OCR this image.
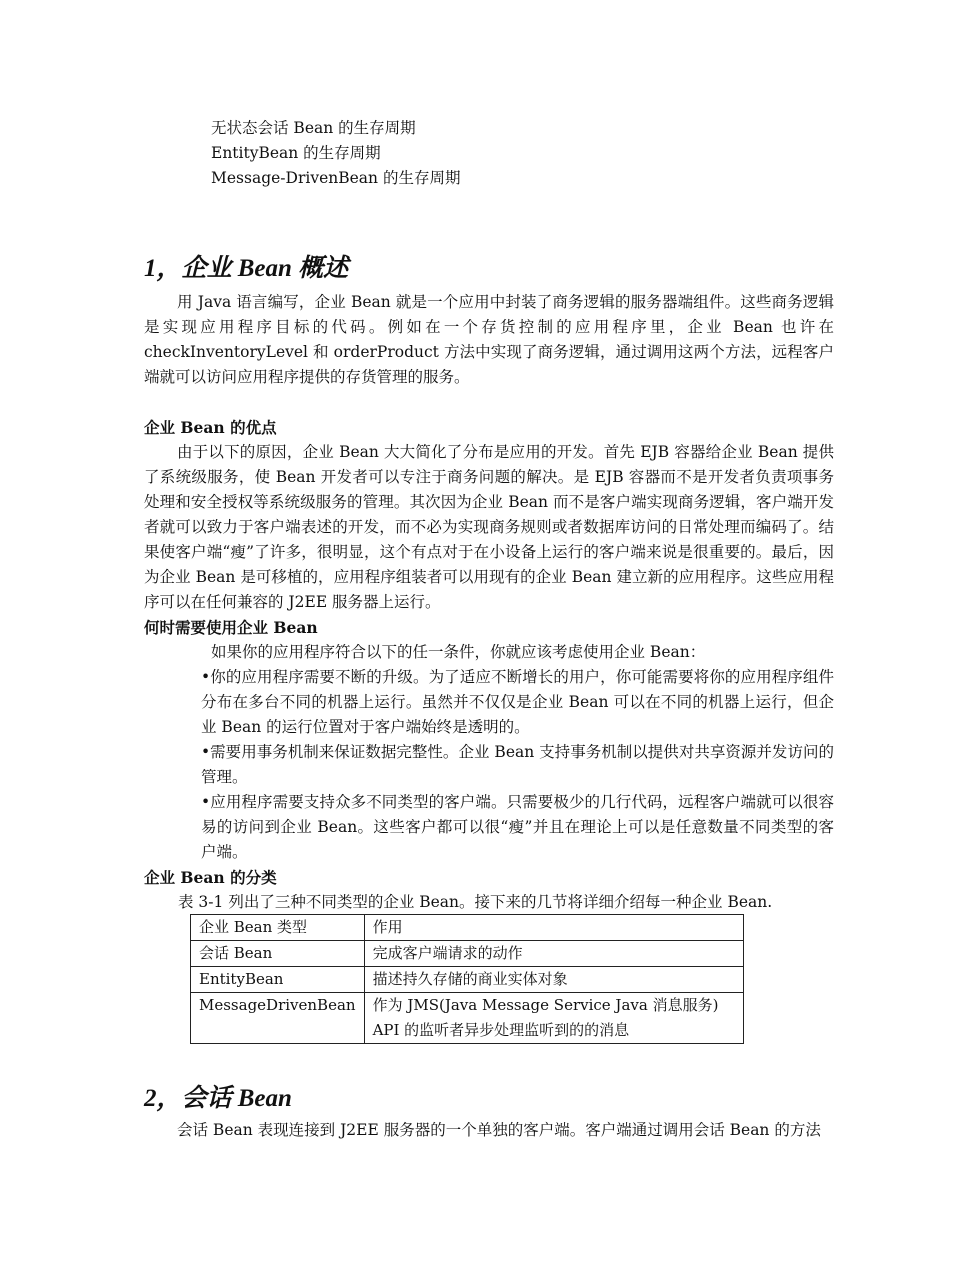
无状态会话 Bean 的生存周期
EntityBean 的生存周期
Message-DrivenBean 的生存周期
1，企业 Bean 概述
用 Java 语言编写，企业 Bean 就是一个应用中封装了商务逻辑的服务器端组件。这些商务逻辑是实现应用程序目标的代码。例如在一个存货控制的应用程序里，企业 Bean 也许在 checkInventoryLevel 和 orderProduct 方法中实现了商务逻辑，通过调用这两个方法，远程客户端就可以访问应用程序提供的存货管理的服务。
企业 Bean 的优点
由于以下的原因，企业 Bean 大大简化了分布是应用的开发。首先 EJB 容器给企业 Bean 提供了系统级服务，使 Bean 开发者可以专注于商务问题的解决。是 EJB 容器而不是开发者负责项事务处理和安全授权等系统级服务的管理。其次因为企业 Bean 而不是客户端实现商务逻辑，客户端开发者就可以致力于客户端表述的开发，而不必为实现商务规则或者数据库访问的日常处理而编码了。结果使客户端“瘦”了许多，很明显，这个有点对于在小设备上运行的客户端来说是很重要的。最后，因为企业 Bean 是可移植的，应用程序组装者可以用现有的企业 Bean 建立新的应用程序。这些应用程序可以在任何兼容的 J2EE 服务器上运行。
何时需要使用企业 Bean
如果你的应用程序符合以下的任一条件，你就应该考虑使用企业 Bean：
•你的应用程序需要不断的升级。为了适应不断增长的用户，你可能需要将你的应用程序组件分布在多台不同的机器上运行。虽然并不仅仅是企业 Bean 可以在不同的机器上运行，但企业 Bean 的运行位置对于客户端始终是透明的。
•需要用事务机制来保证数据完整性。企业 Bean 支持事务机制以提供对共享资源并发访问的管理。
•应用程序需要支持众多不同类型的客户端。只需要极少的几行代码，远程客户端就可以很容易的访问到企业 Bean。这些客户都可以很“瘦”并且在理论上可以是任意数量不同类型的客户端。
企业 Bean 的分类
表 3-1 列出了三种不同类型的企业 Bean。接下来的几节将详细介绍每一种企业 Bean.
企业 Bean 类型	作用
会话 Bean	完成客户端请求的动作
EntityBean	描述持久存储的商业实体对象
MessageDrivenBean	作为 JMS(Java Message Service Java 消息服务) API 的监听者异步处理监听到的的消息
2，会话 Bean
会话 Bean 表现连接到 J2EE 服务器的一个单独的客户端。客户端通过调用会话 Bean 的方法
